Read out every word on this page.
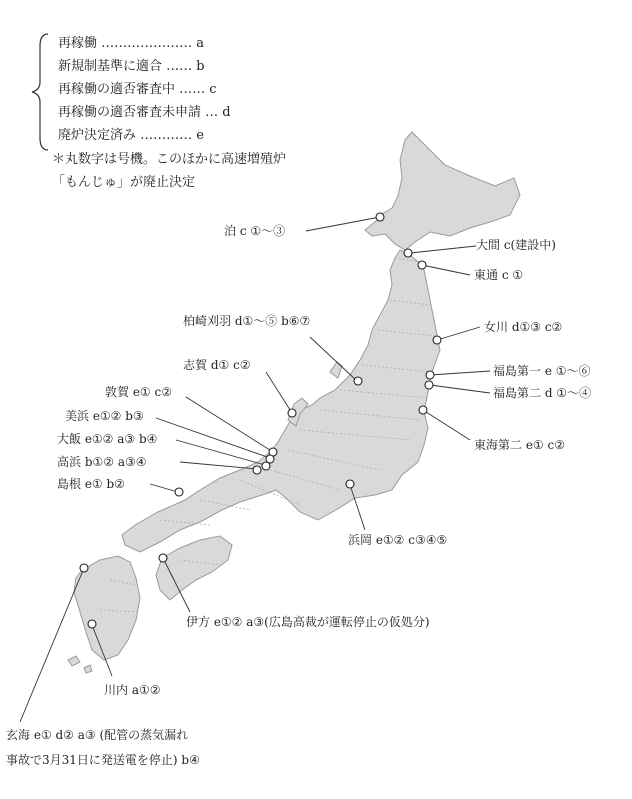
再稼働 ………………… a
新規制基準に適合 …… b
再稼働の適否審査中 …… c
再稼働の適否審査未申請 … d
廃炉決定済み ………… e
＊丸数字は号機。このほかに高速増殖炉
「もんじゅ」が廃止決定
泊 c ①〜③
大間 c(建設中)
東通 c ①
女川 d①③ c②
福島第一 e ①〜⑥
福島第二 d ①〜④
東海第二 e① c②
柏崎刈羽 d①〜⑤ b⑥⑦
志賀 d① c②
敦賀 e① c②
美浜 e①② b③
大飯 e①② a③ b④
高浜 b①② a③④
島根 e① b②
浜岡 e①② c③④⑤
伊方 e①② a③(広島高裁が運転停止の仮処分)
川内 a①②
玄海 e① d② a③ (配管の蒸気漏れ
事故で3月31日に発送電を停止) b④
